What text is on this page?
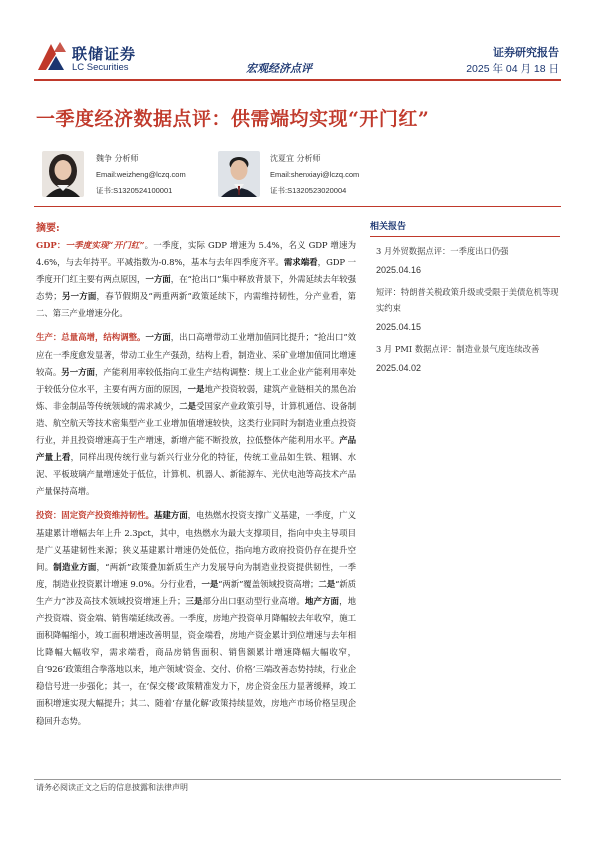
联储证券
LC Securities	宏观经济点评
证券研究报告
2025 年 04 月 18 日
一季度经济数据点评：供需端均实现“开门红”
魏争 分析师
Email:weizheng@lczq.com
证书:S1320524100001
沈夏宜 分析师
Email:shenxiayi@lczq.com
证书:S1320523020004
摘要:
GDP：一季度实现“开门红”。一季度，实际 GDP 增速为 5.4%，名义 GDP 增速为 4.6%，与去年持平。平减指数为-0.8%，基本与去年四季度齐平。需求端看，GDP 一季度开门红主要有两点原因，一方面，在“抢出口”集中释放背景下，外需延续去年较强态势；另一方面，春节假期及“两重两新”政策延续下，内需维持韧性，分产业看，第二、第三产业增速分化。
生产：总量高增，结构调整。一方面，出口高增带动工业增加值同比提升；“抢出口”效应在一季度愈发显著，带动工业生产强劲，结构上看，制造业、采矿业增加值同比增速较高。另一方面，产能利用率较低指向工业生产结构调整：规上工业企业产能利用率处于较低分位水平，主要有两方面的原因，一是地产投资较弱，建筑产业链相关的黑色冶炼、非金制品等传统领域的需求减少，二是受国家产业政策引导，计算机通信、设备制造、航空航天等技术密集型产业工业增加值增速较快，这类行业同时为制造业重点投资行业，并且投资增速高于生产增速，新增产能不断投放，拉低整体产能利用水平。产品产量上看，同样出现传统行业与新兴行业分化的特征，传统工业品如生铁、粗钢、水泥、平板玻璃产量增速处于低位，计算机、机器人、新能源车、光伏电池等高技术产品产量保持高增。
投资：固定资产投资维持韧性。基建方面，电热燃水投资支撑广义基建，一季度，广义基建累计增幅去年上升 2.3pct，其中，电热燃水为最大支撑项目，指向中央主导项目是广义基建韧性来源；狭义基建累计增速仍处低位，指向地方政府投资仍存在提升空间。制造业方面，“两新”政策叠加新质生产力发展导向为制造业投资提供韧性，一季度，制造业投资累计增速 9.0%。分行业看，一是“两新”覆盖领域投资高增；二是“新质生产力”涉及高技术领域投资增速上升；三是部分出口驱动型行业高增。地产方面，地产投资端、资金端、销售端延续改善。一季度，房地产投资单月降幅较去年收窄，施工面积降幅缩小，竣工面积增速改善明显，资金端看，房地产资金累计到位增速与去年相比降幅大幅收窄，需求端看，商品房销售面积、销售额累计增速降幅大幅收窄，自‘926’政策组合拳落地以来，地产领域‘资金、交付、价格’三端改善态势持续，行业企稳信号进一步强化；其一，在‘保交楼’政策精准发力下，房企资金压力显著缓释，竣工面积增速实现大幅提升；其二、随着‘存量化解’政策持续显效，房地产市场价格呈现企稳回升态势。
相关报告
3 月外贸数据点评：一季度出口仍强
2025.04.16
短评：特朗普关税政策升级或受限于美债危机等现实约束
2025.04.15
3 月 PMI 数据点评：制造业景气度连续改善
2025.04.02
请务必阅读正文之后的信息披露和法律声明
